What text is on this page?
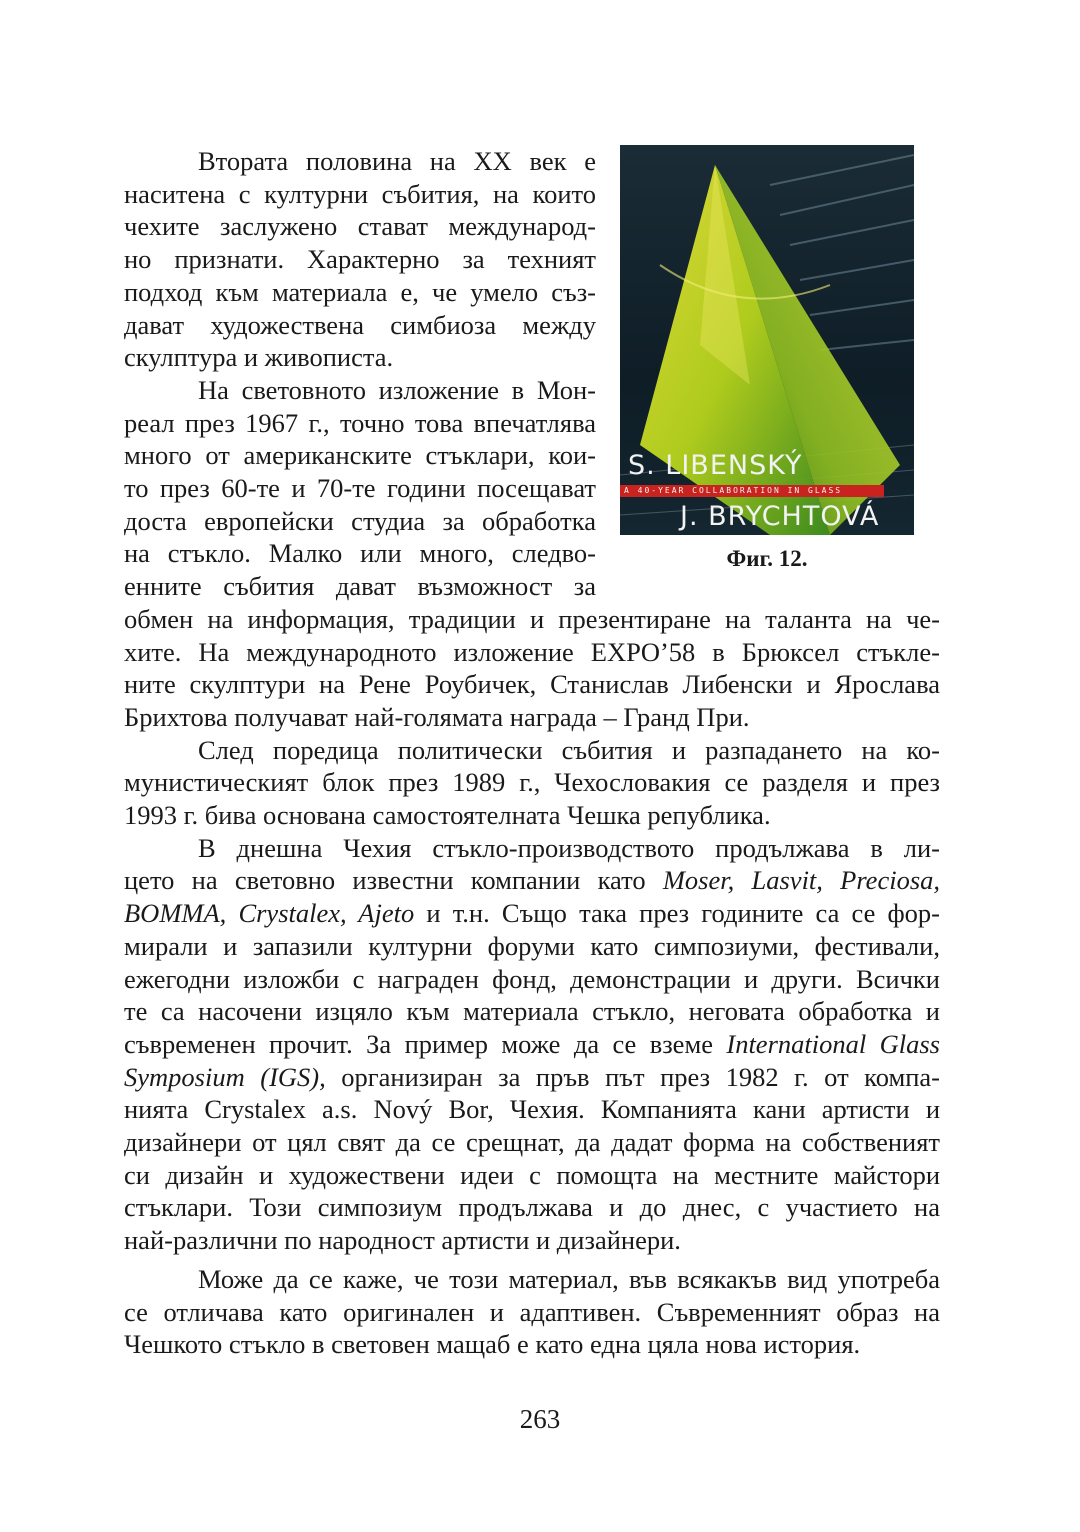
Втората половина на XX век е
наситена с културни събития, на които
чехите заслужено стават международ-
но признати. Характерно за техният
подход към материала е, че умело съз-
дават художествена симбиоза между
скулптура и живописта.
На световното изложение в Мон-
реал през 1967 г., точно това впечатлява
много от американските стъклари, кои-
то през 60-те и 70-те години посещават
доста европейски студиа за обработка
на стъкло. Малко или много, следво-
енните събития дават възможност за
обмен на информация, традиции и презентиране на таланта на че-
хите. На международното изложение EXPO’58 в Брюксел стъкле-
ните скулптури на Рене Роубичек, Станислав Либенски и Ярослава
Брихтова получават най-голямата награда – Гранд При.
След поредица политически събития и разпадането на ко-
мунистическият блок през 1989 г., Чехословакия се разделя и през
1993 г. бива основана самостоятелната Чешка република.
В днешна Чехия стъкло-производството продължава в ли-
цето на световно известни компании като Moser, Lasvit, Preciosa,
BOMMA, Crystalex, Ajeto и т.н. Също така през годините са се фор-
мирали и запазили културни форуми като симпозиуми, фестивали,
ежегодни изложби с награден фонд, демонстрации и други. Всички
те са насочени изцяло към материала стъкло, неговата обработка и
съвременен прочит. За пример може да се вземе International Glass
Symposium (IGS), организиран за пръв път през 1982 г. от компа-
нията Crystalex a.s. Nový Bor, Чехия. Компанията кани артисти и
дизайнери от цял свят да се срещнат, да дадат форма на собственият
си дизайн и художествени идеи с помощта на местните майстори
стъклари. Този симпозиум продължава и до днес, с участието на
най-различни по народност артисти и дизайнери.
Може да се каже, че този материал, във всякакъв вид употреба
се отличава като оригинален и адаптивен. Съвременният образ на
Чешкото стъкло в световен мащаб е като една цяла нова история.
S. LIBENSKÝ
A 40-YEAR COLLABORATION IN GLASS
J. BRYCHTOVÁ
Фиг. 12.
263
